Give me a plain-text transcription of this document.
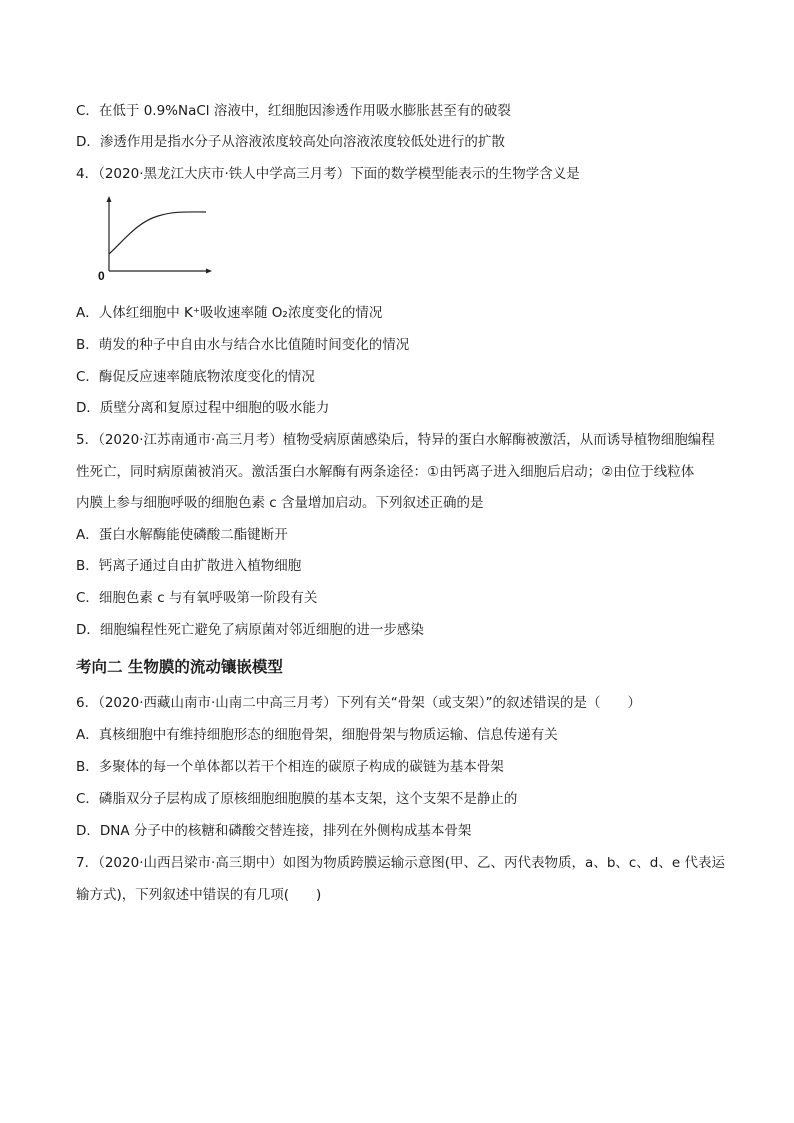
C．在低于 0.9%NaCl 溶液中，红细胞因渗透作用吸水膨胀甚至有的破裂
D．渗透作用是指水分子从溶液浓度较高处向溶液浓度较低处进行的扩散
4．（2020·黑龙江大庆市·铁人中学高三月考）下面的数学模型能表示的生物学含义是
0
A．人体红细胞中 K⁺吸收速率随 O₂浓度变化的情况
B．萌发的种子中自由水与结合水比值随时间变化的情况
C．酶促反应速率随底物浓度变化的情况
D．质壁分离和复原过程中细胞的吸水能力
5．（2020·江苏南通市·高三月考）植物受病原菌感染后，特异的蛋白水解酶被激活，从而诱导植物细胞编程
性死亡，同时病原菌被消灭。激活蛋白水解酶有两条途径：①由钙离子进入细胞后启动；②由位于线粒体
内膜上参与细胞呼吸的细胞色素 c 含量增加启动。下列叙述正确的是
A．蛋白水解酶能使磷酸二酯键断开
B．钙离子通过自由扩散进入植物细胞
C．细胞色素 c 与有氧呼吸第一阶段有关
D．细胞编程性死亡避免了病原菌对邻近细胞的进一步感染
考向二 生物膜的流动镶嵌模型
6．（2020·西藏山南市·山南二中高三月考）下列有关“骨架（或支架）”的叙述错误的是（　　）
A．真核细胞中有维持细胞形态的细胞骨架，细胞骨架与物质运输、信息传递有关
B．多聚体的每一个单体都以若干个相连的碳原子构成的碳链为基本骨架
C．磷脂双分子层构成了原核细胞细胞膜的基本支架，这个支架不是静止的
D．DNA 分子中的核糖和磷酸交替连接，排列在外侧构成基本骨架
7．（2020·山西吕梁市·高三期中）如图为物质跨膜运输示意图(甲、乙、丙代表物质，a、b、c、d、e 代表运
输方式)，下列叙述中错误的有几项(　　)
